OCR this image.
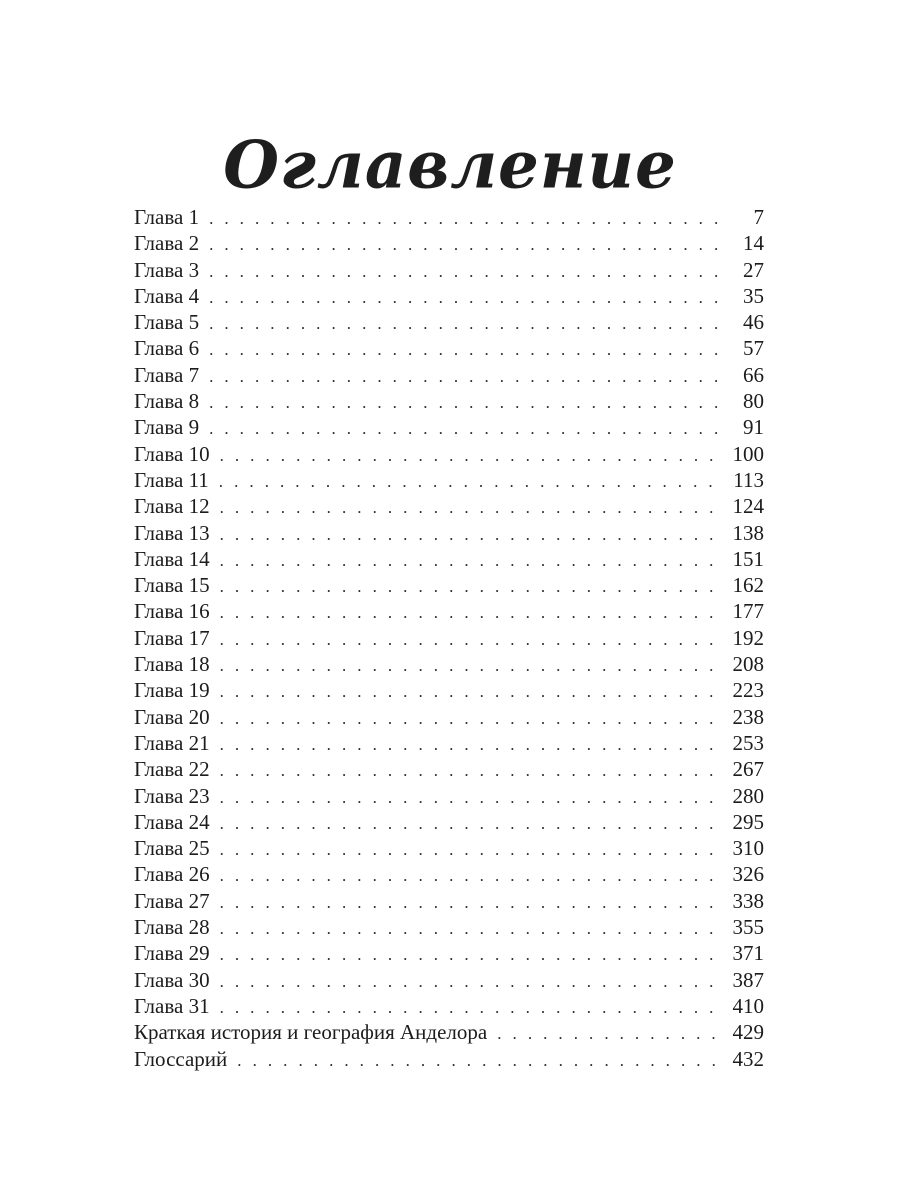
Оглавление
Глава 1 . . .	7
Глава 2 . . .	14
Глава 3 . . .	27
Глава 4 . . .	35
Глава 5 . . .	46
Глава 6 . . .	57
Глава 7 . . .	66
Глава 8 . . .	80
Глава 9 . . .	91
Глава 10 . . .	100
Глава 11 . . .	113
Глава 12 . . .	124
Глава 13 . . .	138
Глава 14 . . .	151
Глава 15 . . .	162
Глава 16 . . .	177
Глава 17 . . .	192
Глава 18 . . .	208
Глава 19 . . .	223
Глава 20 . . .	238
Глава 21 . . .	253
Глава 22 . . .	267
Глава 23 . . .	280
Глава 24 . . .	295
Глава 25 . . .	310
Глава 26 . . .	326
Глава 27 . . .	338
Глава 28 . . .	355
Глава 29 . . .	371
Глава 30 . . .	387
Глава 31 . . .	410
Краткая история и география Анделора . . .	429
Глоссарий . . .	432
